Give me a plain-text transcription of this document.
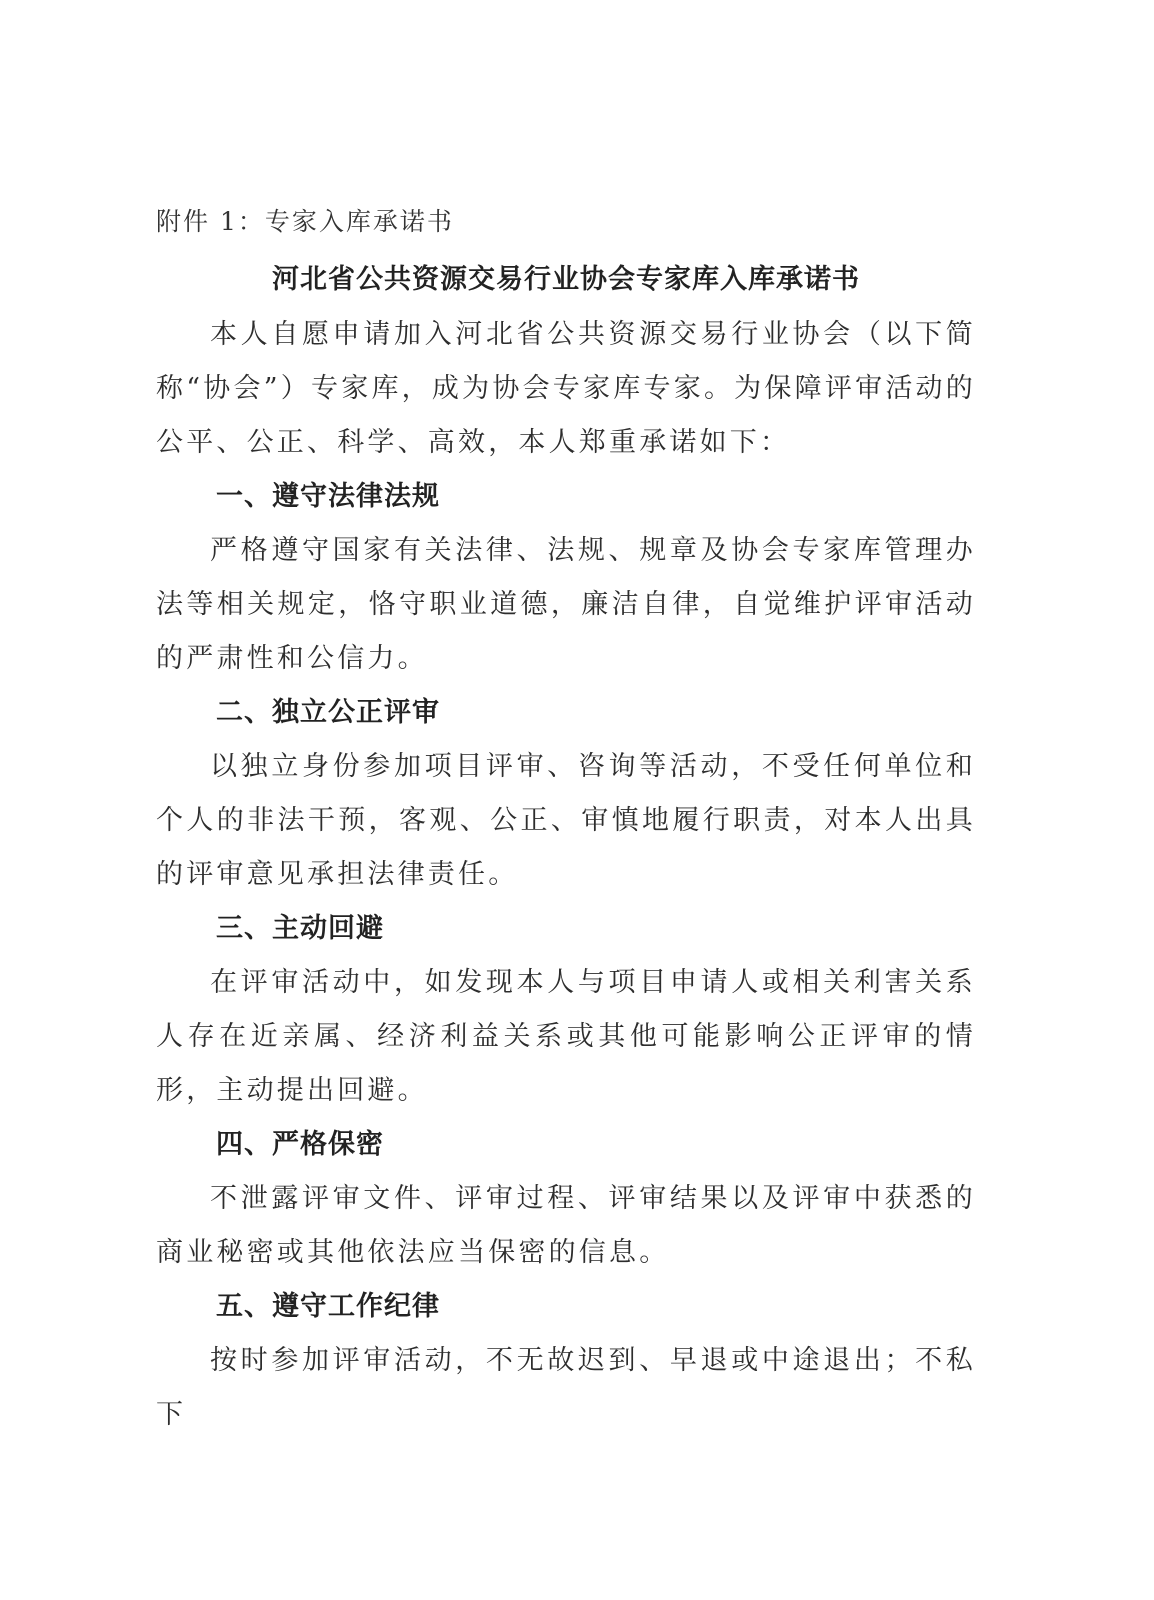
附件 1：专家入库承诺书

河北省公共资源交易行业协会专家库入库承诺书

本人自愿申请加入河北省公共资源交易行业协会（以下简称“协会”）专家库，成为协会专家库专家。为保障评审活动的公平、公正、科学、高效，本人郑重承诺如下：

一、遵守法律法规

严格遵守国家有关法律、法规、规章及协会专家库管理办法等相关规定，恪守职业道德，廉洁自律，自觉维护评审活动的严肃性和公信力。

二、独立公正评审

以独立身份参加项目评审、咨询等活动，不受任何单位和个人的非法干预，客观、公正、审慎地履行职责，对本人出具的评审意见承担法律责任。

三、主动回避

在评审活动中，如发现本人与项目申请人或相关利害关系人存在近亲属、经济利益关系或其他可能影响公正评审的情形，主动提出回避。

四、严格保密

不泄露评审文件、评审过程、评审结果以及评审中获悉的商业秘密或其他依法应当保密的信息。

五、遵守工作纪律

按时参加评审活动，不无故迟到、早退或中途退出；不私下
